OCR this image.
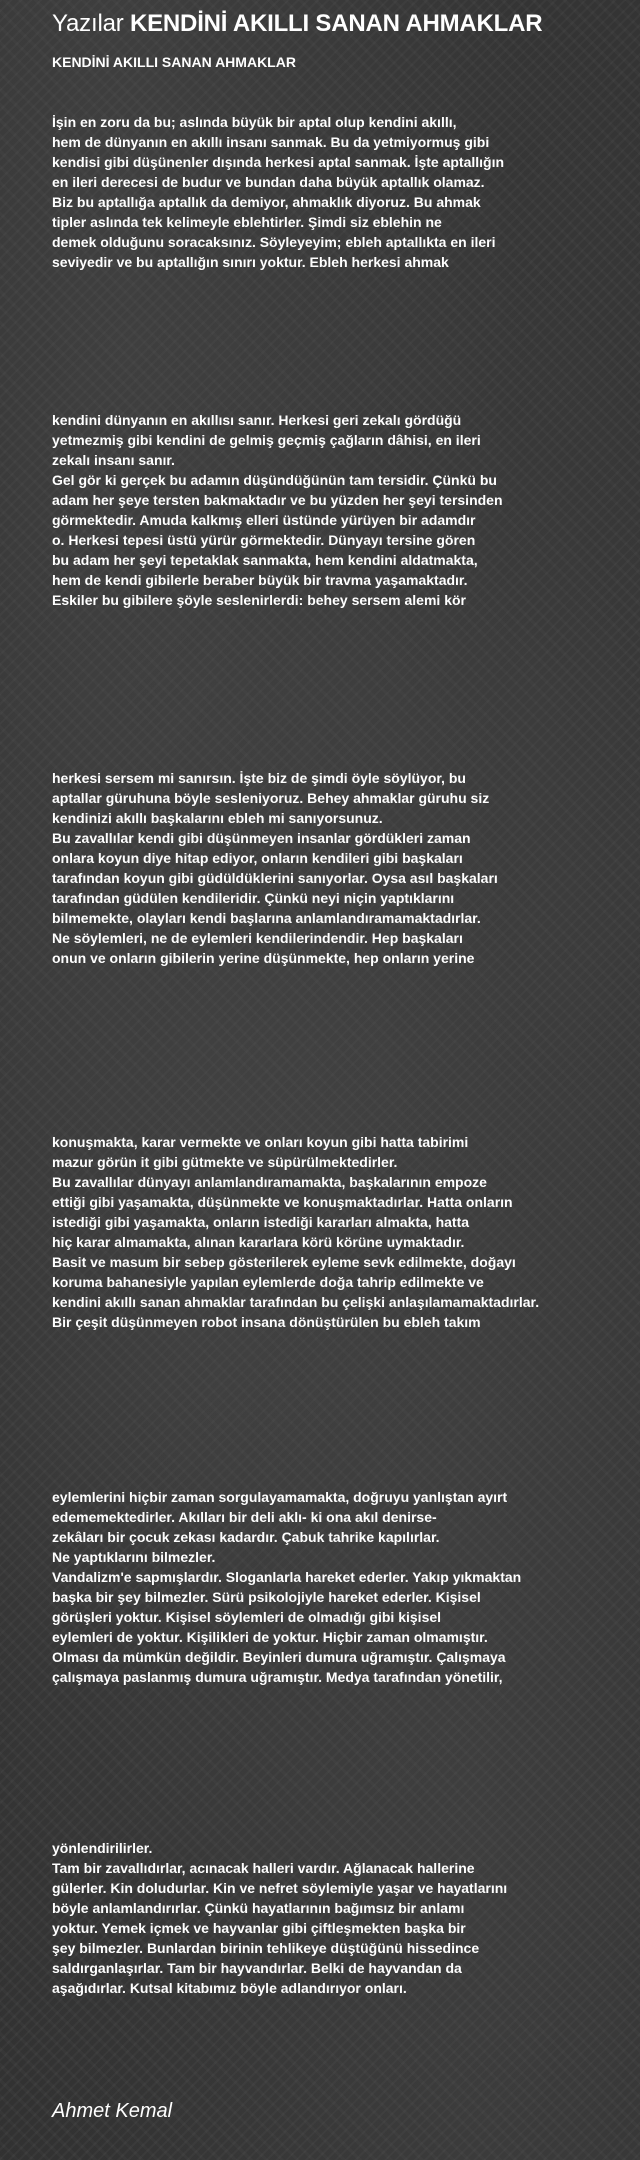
Yazılar KENDİNİ AKILLI SANAN AHMAKLAR
KENDİNİ AKILLI SANAN AHMAKLAR
İşin en zoru da bu; aslında büyük bir aptal olup kendini akıllı,
hem de dünyanın en akıllı insanı sanmak. Bu da yetmiyormuş gibi
kendisi gibi düşünenler dışında herkesi aptal sanmak. İşte aptallığın
en ileri derecesi de budur ve bundan daha büyük aptallık olamaz.
Biz bu aptallığa aptallık da demiyor, ahmaklık diyoruz. Bu ahmak
tipler aslında tek kelimeyle eblehtirler. Şimdi siz eblehin ne
demek olduğunu soracaksınız. Söyleyeyim; ebleh aptallıkta en ileri
seviyedir ve bu aptallığın sınırı yoktur. Ebleh herkesi ahmak
kendini dünyanın en akıllısı sanır. Herkesi geri zekalı gördüğü
yetmezmiş gibi kendini de gelmiş geçmiş çağların dâhisi, en ileri
zekalı insanı sanır.
Gel gör ki gerçek bu adamın düşündüğünün tam tersidir. Çünkü bu
adam her şeye tersten bakmaktadır ve bu yüzden her şeyi tersinden
görmektedir. Amuda kalkmış elleri üstünde yürüyen bir adamdır
o. Herkesi tepesi üstü yürür görmektedir. Dünyayı tersine gören
bu adam her şeyi tepetaklak sanmakta, hem kendini aldatmakta,
hem de kendi gibilerle beraber büyük bir travma yaşamaktadır.
Eskiler bu gibilere şöyle seslenirlerdi: behey sersem alemi kör
herkesi sersem mi sanırsın. İşte biz de şimdi öyle söylüyor, bu
aptallar güruhuna böyle sesleniyoruz. Behey ahmaklar güruhu siz
kendinizi akıllı başkalarını ebleh mi sanıyorsunuz.
Bu zavallılar kendi gibi düşünmeyen insanlar gördükleri zaman
onlara koyun diye hitap ediyor, onların kendileri gibi başkaları
tarafından koyun gibi güdüldüklerini sanıyorlar. Oysa asıl başkaları
tarafından güdülen kendileridir. Çünkü neyi niçin yaptıklarını
bilmemekte, olayları kendi başlarına anlamlandıramamaktadırlar.
Ne söylemleri, ne de eylemleri kendilerindendir. Hep başkaları
onun ve onların gibilerin yerine düşünmekte, hep onların yerine
konuşmakta, karar vermekte ve onları koyun gibi hatta tabirimi
mazur görün it gibi gütmekte ve süpürülmektedirler.
Bu zavallılar dünyayı anlamlandıramamakta, başkalarının empoze
ettiği gibi yaşamakta, düşünmekte ve konuşmaktadırlar. Hatta onların
istediği gibi yaşamakta, onların istediği kararları almakta, hatta
hiç karar almamakta, alınan kararlara körü körüne uymaktadır.
Basit ve masum bir sebep gösterilerek eyleme sevk edilmekte, doğayı
koruma bahanesiyle yapılan eylemlerde doğa tahrip edilmekte ve
kendini akıllı sanan ahmaklar tarafından bu çelişki anlaşılamamaktadırlar.
Bir çeşit düşünmeyen robot insana dönüştürülen bu ebleh takım
eylemlerini hiçbir zaman sorgulayamamakta, doğruyu yanlıştan ayırt
edememektedirler. Akılları bir deli aklı- ki ona akıl denirse-
zekâları bir çocuk zekası kadardır. Çabuk tahrike kapılırlar.
Ne yaptıklarını bilmezler.
Vandalizm'e sapmışlardır. Sloganlarla hareket ederler. Yakıp yıkmaktan
başka bir şey bilmezler. Sürü psikolojiyle hareket ederler. Kişisel
görüşleri yoktur. Kişisel söylemleri de olmadığı gibi kişisel
eylemleri de yoktur. Kişilikleri de yoktur. Hiçbir zaman olmamıştır.
Olması da mümkün değildir. Beyinleri dumura uğramıştır. Çalışmaya
çalışmaya paslanmış dumura uğramıştır. Medya tarafından yönetilir,
yönlendirilirler.
Tam bir zavallıdırlar, acınacak halleri vardır. Ağlanacak hallerine
gülerler. Kin doludurlar. Kin ve nefret söylemiyle yaşar ve hayatlarını
böyle anlamlandırırlar. Çünkü hayatlarının bağımsız bir anlamı
yoktur. Yemek içmek ve hayvanlar gibi çiftleşmekten başka bir
şey bilmezler. Bunlardan birinin tehlikeye düştüğünü hissedince
saldırganlaşırlar. Tam bir hayvandırlar. Belki de hayvandan da
aşağıdırlar. Kutsal kitabımız böyle adlandırıyor onları.
Ahmet Kemal
